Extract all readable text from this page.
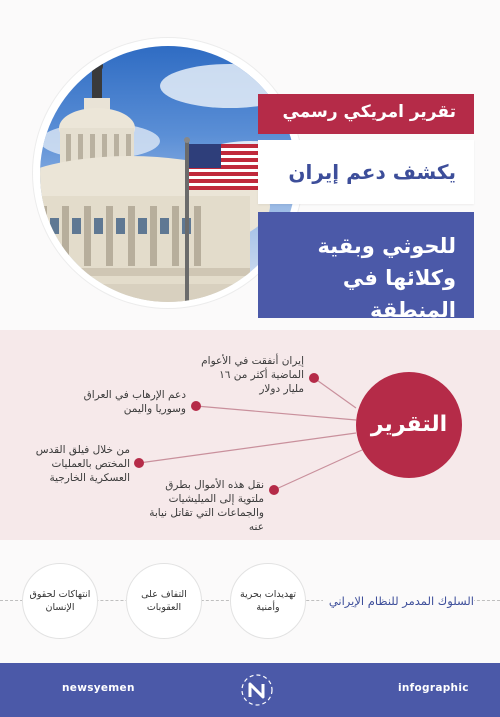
تقرير امريكي رسمي
يكشف دعم إيران
للحوثي وبقية
وكلائها في المنطقة
التقرير
إيران أنفقت في الأعوام الماضية أكثر من ١٦ مليار دولار
دعم الإرهاب في العراق وسوريا واليمن
من خلال فيلق القدس المختص بالعمليات العسكرية الخارجية
نقل هذه الأموال بطرق ملتوية إلى الميليشيات والجماعات التي تقاتل نيابة عنه
تهديدات بحرية وأمنية
التفاف على العقوبات
انتهاكات لحقوق الإنسان	السلوك المدمر للنظام الإيراني
newsyemen	infographic
